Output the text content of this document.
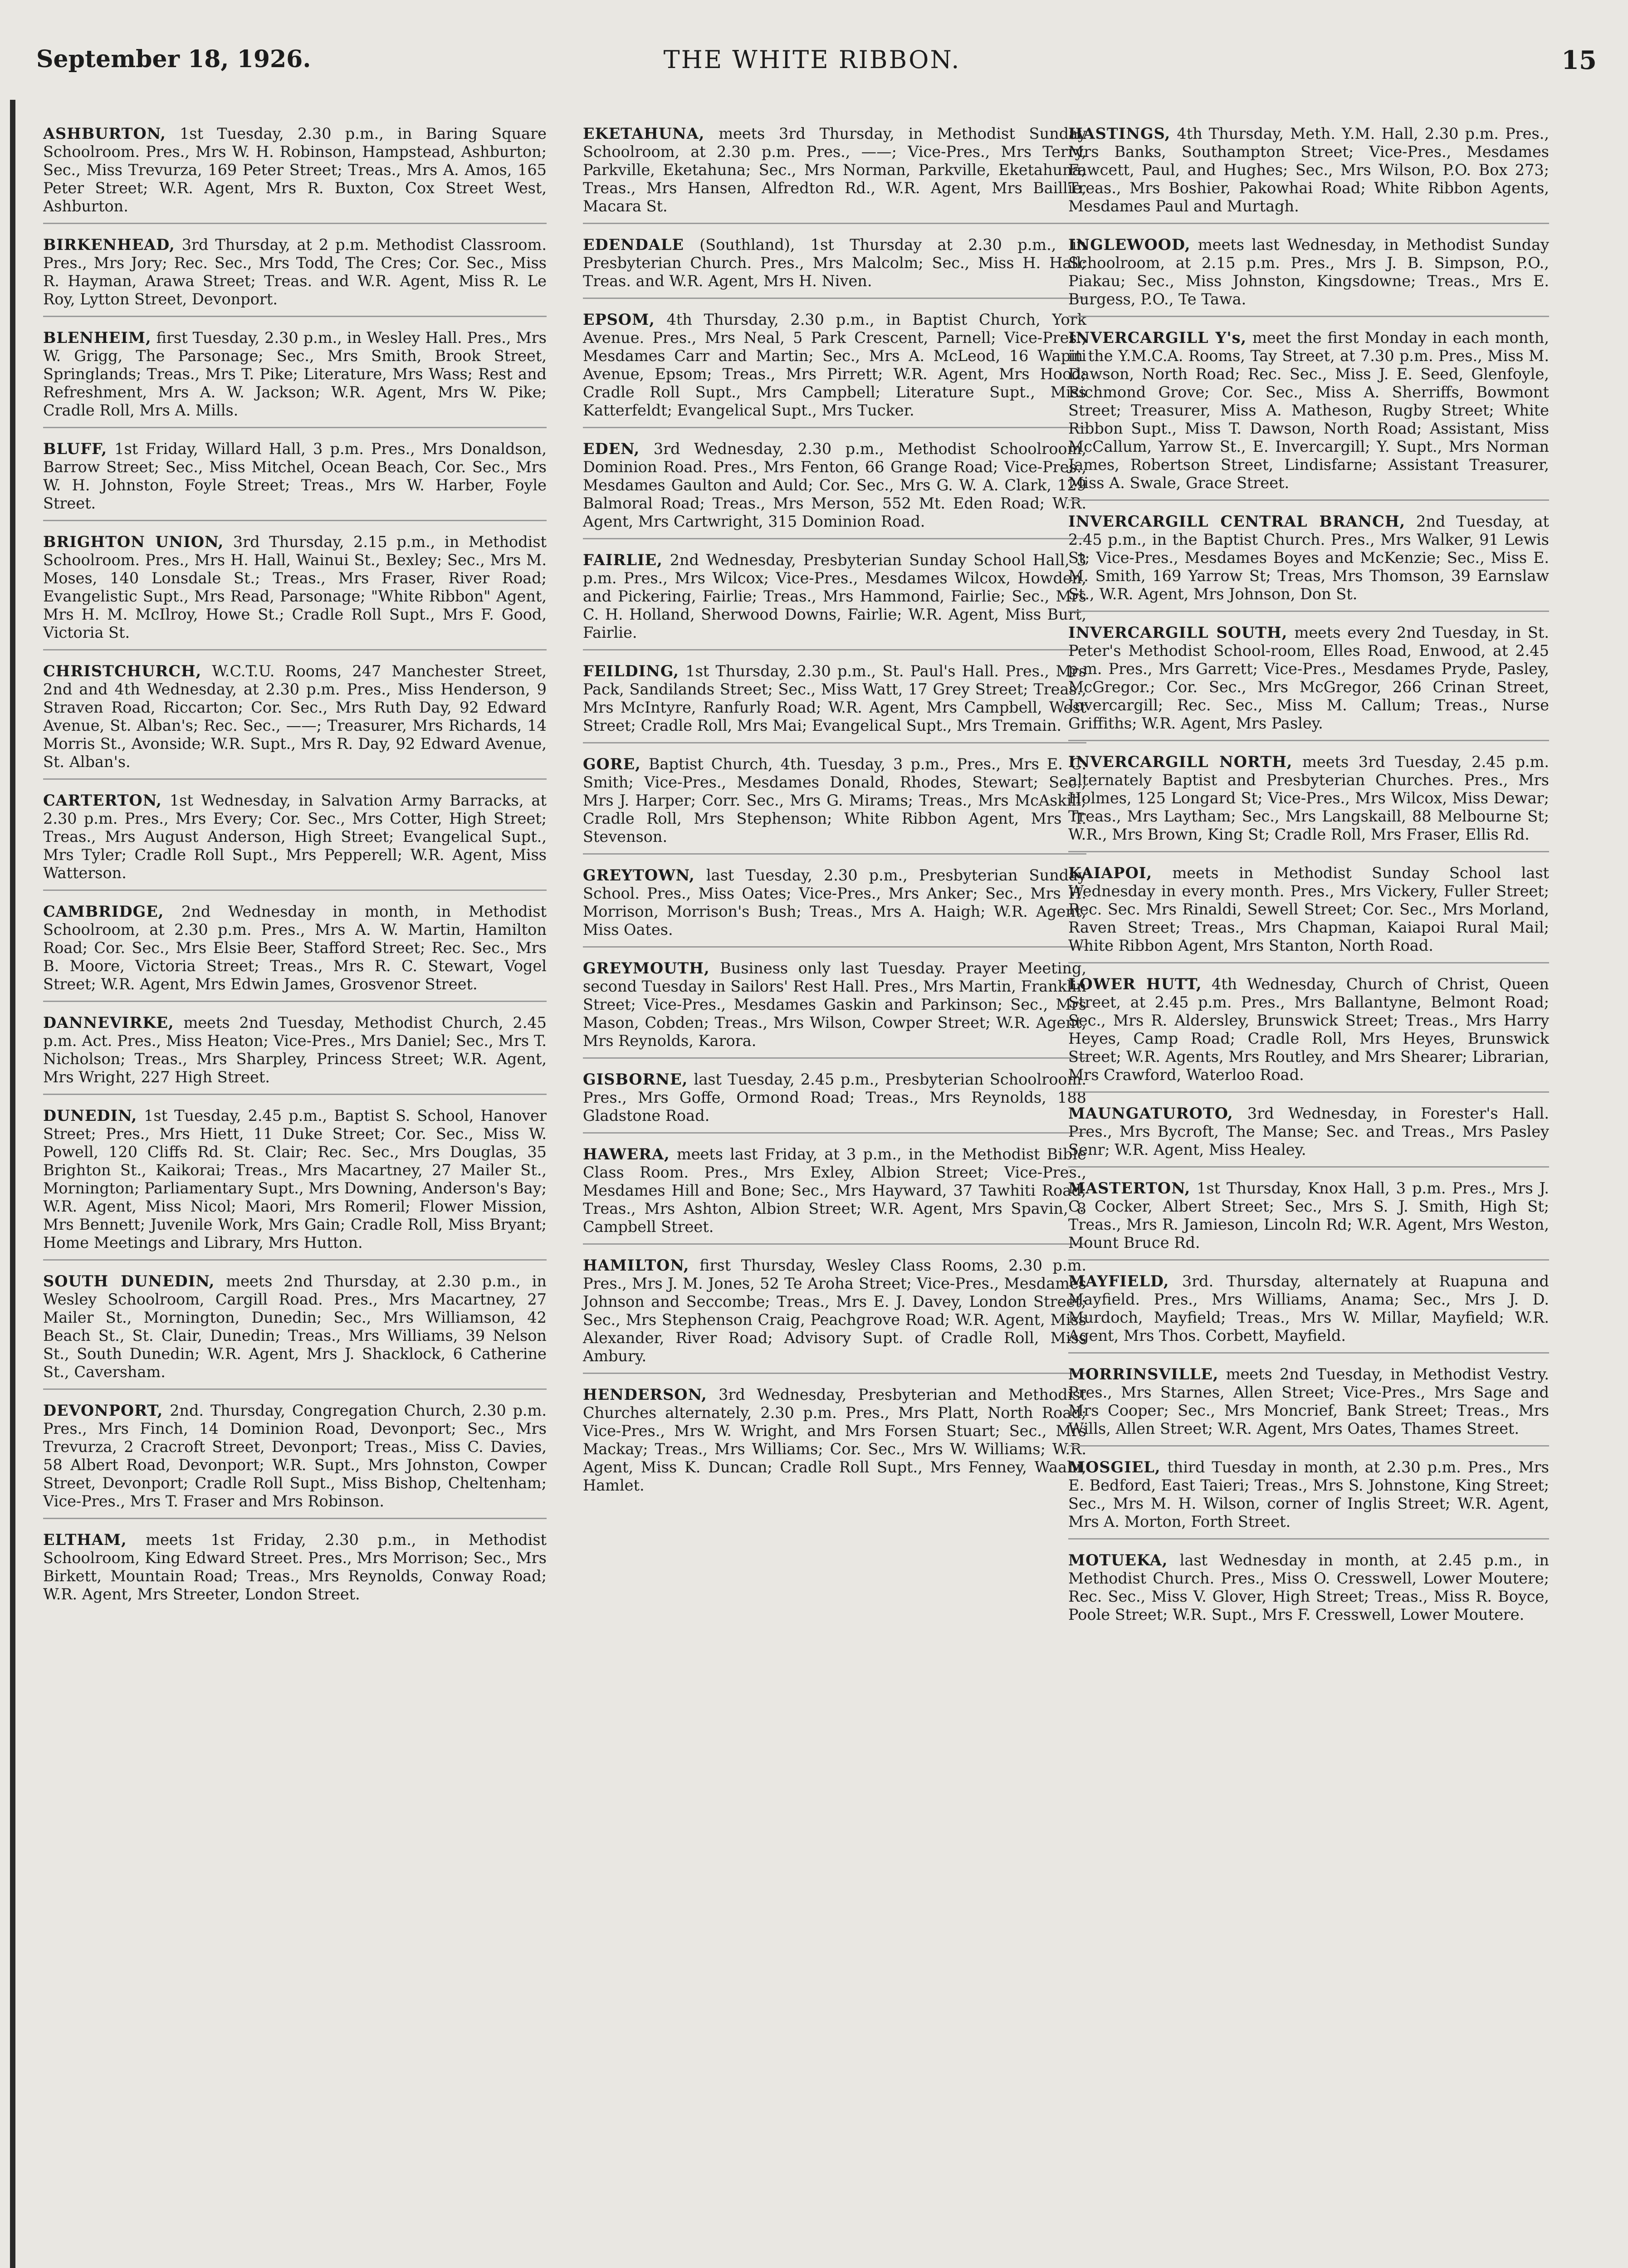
September 18, 1926.	THE WHITE RIBBON.	15

ASHBURTON, 1st Tuesday, 2.30 p.m., in Baring Square Schoolroom. Pres., Mrs W. H. Robinson, Hampstead, Ashburton; Sec., Miss Trevurza, 169 Peter Street; Treas., Mrs A. Amos, 165 Peter Street; W.R. Agent, Mrs R. Buxton, Cox Street West, Ashburton.

BIRKENHEAD, 3rd Thursday, at 2 p.m. Methodist Classroom. Pres., Mrs Jory; Rec. Sec., Mrs Todd, The Cres; Cor. Sec., Miss R. Hayman, Arawa Street; Treas. and W.R. Agent, Miss R. Le Roy, Lytton Street, Devonport.

BLENHEIM, first Tuesday, 2.30 p.m., in Wesley Hall. Pres., Mrs W. Grigg, The Parsonage; Sec., Mrs Smith, Brook Street, Springlands; Treas., Mrs T. Pike; Literature, Mrs Wass; Rest and Refreshment, Mrs A. W. Jackson; W.R. Agent, Mrs W. Pike; Cradle Roll, Mrs A. Mills.

BLUFF, 1st Friday, Willard Hall, 3 p.m. Pres., Mrs Donaldson, Barrow Street; Sec., Miss Mitchel, Ocean Beach, Cor. Sec., Mrs W. H. Johnston, Foyle Street; Treas., Mrs W. Harber, Foyle Street.

BRIGHTON UNION, 3rd Thursday, 2.15 p.m., in Methodist Schoolroom. Pres., Mrs H. Hall, Wainui St., Bexley; Sec., Mrs M. Moses, 140 Lonsdale St.; Treas., Mrs Fraser, River Road; Evangelistic Supt., Mrs Read, Parsonage; "White Ribbon" Agent, Mrs H. M. McIlroy, Howe St.; Cradle Roll Supt., Mrs F. Good, Victoria St.

CHRISTCHURCH, W.C.T.U. Rooms, 247 Manchester Street, 2nd and 4th Wednesday, at 2.30 p.m. Pres., Miss Henderson, 9 Straven Road, Riccarton; Cor. Sec., Mrs Ruth Day, 92 Edward Avenue, St. Alban's; Rec. Sec., ——; Treasurer, Mrs Richards, 14 Morris St., Avonside; W.R. Supt., Mrs R. Day, 92 Edward Avenue, St. Alban's.

CARTERTON, 1st Wednesday, in Salvation Army Barracks, at 2.30 p.m. Pres., Mrs Every; Cor. Sec., Mrs Cotter, High Street; Treas., Mrs August Anderson, High Street; Evangelical Supt., Mrs Tyler; Cradle Roll Supt., Mrs Pepperell; W.R. Agent, Miss Watterson.

CAMBRIDGE, 2nd Wednesday in month, in Methodist Schoolroom, at 2.30 p.m. Pres., Mrs A. W. Martin, Hamilton Road; Cor. Sec., Mrs Elsie Beer, Stafford Street; Rec. Sec., Mrs B. Moore, Victoria Street; Treas., Mrs R. C. Stewart, Vogel Street; W.R. Agent, Mrs Edwin James, Grosvenor Street.

DANNEVIRKE, meets 2nd Tuesday, Methodist Church, 2.45 p.m. Act. Pres., Miss Heaton; Vice-Pres., Mrs Daniel; Sec., Mrs T. Nicholson; Treas., Mrs Sharpley, Princess Street; W.R. Agent, Mrs Wright, 227 High Street.

DUNEDIN, 1st Tuesday, 2.45 p.m., Baptist S. School, Hanover Street; Pres., Mrs Hiett, 11 Duke Street; Cor. Sec., Miss W. Powell, 120 Cliffs Rd. St. Clair; Rec. Sec., Mrs Douglas, 35 Brighton St., Kaikorai; Treas., Mrs Macartney, 27 Mailer St., Mornington; Parliamentary Supt., Mrs Downing, Anderson's Bay; W.R. Agent, Miss Nicol; Maori, Mrs Romeril; Flower Mission, Mrs Bennett; Juvenile Work, Mrs Gain; Cradle Roll, Miss Bryant; Home Meetings and Library, Mrs Hutton.

SOUTH DUNEDIN, meets 2nd Thursday, at 2.30 p.m., in Wesley Schoolroom, Cargill Road. Pres., Mrs Macartney, 27 Mailer St., Mornington, Dunedin; Sec., Mrs Williamson, 42 Beach St., St. Clair, Dunedin; Treas., Mrs Williams, 39 Nelson St., South Dunedin; W.R. Agent, Mrs J. Shacklock, 6 Catherine St., Caversham.

DEVONPORT, 2nd. Thursday, Congregation Church, 2.30 p.m. Pres., Mrs Finch, 14 Dominion Road, Devonport; Sec., Mrs Trevurza, 2 Cracroft Street, Devonport; Treas., Miss C. Davies, 58 Albert Road, Devonport; W.R. Supt., Mrs Johnston, Cowper Street, Devonport; Cradle Roll Supt., Miss Bishop, Cheltenham; Vice-Pres., Mrs T. Fraser and Mrs Robinson.

ELTHAM, meets 1st Friday, 2.30 p.m., in Methodist Schoolroom, King Edward Street. Pres., Mrs Morrison; Sec., Mrs Birkett, Mountain Road; Treas., Mrs Reynolds, Conway Road; W.R. Agent, Mrs Streeter, London Street.

EKETAHUNA, meets 3rd Thursday, in Methodist Sunday Schoolroom, at 2.30 p.m. Pres., ——; Vice-Pres., Mrs Terry, Parkville, Eketahuna; Sec., Mrs Norman, Parkville, Eketahuna; Treas., Mrs Hansen, Alfredton Rd., W.R. Agent, Mrs Baillie, Macara St.

EDENDALE (Southland), 1st Thursday at 2.30 p.m., in Presbyterian Church. Pres., Mrs Malcolm; Sec., Miss H. Hall; Treas. and W.R. Agent, Mrs H. Niven.

EPSOM, 4th Thursday, 2.30 p.m., in Baptist Church, York Avenue. Pres., Mrs Neal, 5 Park Crescent, Parnell; Vice-Pres., Mesdames Carr and Martin; Sec., Mrs A. McLeod, 16 Wapiti Avenue, Epsom; Treas., Mrs Pirrett; W.R. Agent, Mrs Hood; Cradle Roll Supt., Mrs Campbell; Literature Supt., Miss Katterfeldt; Evangelical Supt., Mrs Tucker.

EDEN, 3rd Wednesday, 2.30 p.m., Methodist Schoolroom, Dominion Road. Pres., Mrs Fenton, 66 Grange Road; Vice-Pres., Mesdames Gaulton and Auld; Cor. Sec., Mrs G. W. A. Clark, 129 Balmoral Road; Treas., Mrs Merson, 552 Mt. Eden Road; W.R. Agent, Mrs Cartwright, 315 Dominion Road.

FAIRLIE, 2nd Wednesday, Presbyterian Sunday School Hall, 3 p.m. Pres., Mrs Wilcox; Vice-Pres., Mesdames Wilcox, Howden, and Pickering, Fairlie; Treas., Mrs Hammond, Fairlie; Sec., Mrs C. H. Holland, Sherwood Downs, Fairlie; W.R. Agent, Miss Burt, Fairlie.

FEILDING, 1st Thursday, 2.30 p.m., St. Paul's Hall. Pres., Mrs Pack, Sandilands Street; Sec., Miss Watt, 17 Grey Street; Treas., Mrs McIntyre, Ranfurly Road; W.R. Agent, Mrs Campbell, West Street; Cradle Roll, Mrs Mai; Evangelical Supt., Mrs Tremain.

GORE, Baptist Church, 4th. Tuesday, 3 p.m., Pres., Mrs E. C. Smith; Vice-Pres., Mesdames Donald, Rhodes, Stewart; Sec., Mrs J. Harper; Corr. Sec., Mrs G. Mirams; Treas., Mrs McAskill; Cradle Roll, Mrs Stephenson; White Ribbon Agent, Mrs T. Stevenson.

GREYTOWN, last Tuesday, 2.30 p.m., Presbyterian Sunday School. Pres., Miss Oates; Vice-Pres., Mrs Anker; Sec., Mrs H. Morrison, Morrison's Bush; Treas., Mrs A. Haigh; W.R. Agent, Miss Oates.

GREYMOUTH, Business only last Tuesday. Prayer Meeting, second Tuesday in Sailors' Rest Hall. Pres., Mrs Martin, Franklin Street; Vice-Pres., Mesdames Gaskin and Parkinson; Sec., Mrs Mason, Cobden; Treas., Mrs Wilson, Cowper Street; W.R. Agent, Mrs Reynolds, Karora.

GISBORNE, last Tuesday, 2.45 p.m., Presbyterian Schoolroom. Pres., Mrs Goffe, Ormond Road; Treas., Mrs Reynolds, 188 Gladstone Road.

HAWERA, meets last Friday, at 3 p.m., in the Methodist Bible Class Room. Pres., Mrs Exley, Albion Street; Vice-Pres., Mesdames Hill and Bone; Sec., Mrs Hayward, 37 Tawhiti Road; Treas., Mrs Ashton, Albion Street; W.R. Agent, Mrs Spavin, 8 Campbell Street.

HAMILTON, first Thursday, Wesley Class Rooms, 2.30 p.m. Pres., Mrs J. M. Jones, 52 Te Aroha Street; Vice-Pres., Mesdames Johnson and Seccombe; Treas., Mrs E. J. Davey, London Street; Sec., Mrs Stephenson Craig, Peachgrove Road; W.R. Agent, Miss Alexander, River Road; Advisory Supt. of Cradle Roll, Miss Ambury.

HENDERSON, 3rd Wednesday, Presbyterian and Methodist Churches alternately, 2.30 p.m. Pres., Mrs Platt, North Road; Vice-Pres., Mrs W. Wright, and Mrs Forsen Stuart; Sec., Mrs Mackay; Treas., Mrs Williams; Cor. Sec., Mrs W. Williams; W.R. Agent, Miss K. Duncan; Cradle Roll Supt., Mrs Fenney, Waahi, Hamlet.

HASTINGS, 4th Thursday, Meth. Y.M. Hall, 2.30 p.m. Pres., Mrs Banks, Southampton Street; Vice-Pres., Mesdames Fawcett, Paul, and Hughes; Sec., Mrs Wilson, P.O. Box 273; Treas., Mrs Boshier, Pakowhai Road; White Ribbon Agents, Mesdames Paul and Murtagh.

INGLEWOOD, meets last Wednesday, in Methodist Sunday Schoolroom, at 2.15 p.m. Pres., Mrs J. B. Simpson, P.O., Piakau; Sec., Miss Johnston, Kingsdowne; Treas., Mrs E. Burgess, P.O., Te Tawa.

INVERCARGILL Y's, meet the first Monday in each month, in the Y.M.C.A. Rooms, Tay Street, at 7.30 p.m. Pres., Miss M. Dawson, North Road; Rec. Sec., Miss J. E. Seed, Glenfoyle, Richmond Grove; Cor. Sec., Miss A. Sherriffs, Bowmont Street; Treasurer, Miss A. Matheson, Rugby Street; White Ribbon Supt., Miss T. Dawson, North Road; Assistant, Miss McCallum, Yarrow St., E. Invercargill; Y. Supt., Mrs Norman James, Robertson Street, Lindisfarne; Assistant Treasurer, Miss A. Swale, Grace Street.

INVERCARGILL CENTRAL BRANCH, 2nd Tuesday, at 2.45 p.m., in the Baptist Church. Pres., Mrs Walker, 91 Lewis St; Vice-Pres., Mesdames Boyes and McKenzie; Sec., Miss E. M. Smith, 169 Yarrow St; Treas, Mrs Thomson, 39 Earnslaw St., W.R. Agent, Mrs Johnson, Don St.

INVERCARGILL SOUTH, meets every 2nd Tuesday, in St. Peter's Methodist School-room, Elles Road, Enwood, at 2.45 p.m. Pres., Mrs Garrett; Vice-Pres., Mesdames Pryde, Pasley, McGregor.; Cor. Sec., Mrs McGregor, 266 Crinan Street, Invercargill; Rec. Sec., Miss M. Callum; Treas., Nurse Griffiths; W.R. Agent, Mrs Pasley.

INVERCARGILL NORTH, meets 3rd Tuesday, 2.45 p.m. alternately Baptist and Presbyterian Churches. Pres., Mrs Holmes, 125 Longard St; Vice-Pres., Mrs Wilcox, Miss Dewar; Treas., Mrs Laytham; Sec., Mrs Langskaill, 88 Melbourne St; W.R., Mrs Brown, King St; Cradle Roll, Mrs Fraser, Ellis Rd.

KAIAPOI, meets in Methodist Sunday School last Wednesday in every month. Pres., Mrs Vickery, Fuller Street; Rec. Sec. Mrs Rinaldi, Sewell Street; Cor. Sec., Mrs Morland, Raven Street; Treas., Mrs Chapman, Kaiapoi Rural Mail; White Ribbon Agent, Mrs Stanton, North Road.

LOWER HUTT, 4th Wednesday, Church of Christ, Queen Street, at 2.45 p.m. Pres., Mrs Ballantyne, Belmont Road; Sec., Mrs R. Aldersley, Brunswick Street; Treas., Mrs Harry Heyes, Camp Road; Cradle Roll, Mrs Heyes, Brunswick Street; W.R. Agents, Mrs Routley, and Mrs Shearer; Librarian, Mrs Crawford, Waterloo Road.

MAUNGATUROTO, 3rd Wednesday, in Forester's Hall. Pres., Mrs Bycroft, The Manse; Sec. and Treas., Mrs Pasley Senr; W.R. Agent, Miss Healey.

MASTERTON, 1st Thursday, Knox Hall, 3 p.m. Pres., Mrs J. C. Cocker, Albert Street; Sec., Mrs S. J. Smith, High St; Treas., Mrs R. Jamieson, Lincoln Rd; W.R. Agent, Mrs Weston, Mount Bruce Rd.

MAYFIELD, 3rd. Thursday, alternately at Ruapuna and Mayfield. Pres., Mrs Williams, Anama; Sec., Mrs J. D. Murdoch, Mayfield; Treas., Mrs W. Millar, Mayfield; W.R. Agent, Mrs Thos. Corbett, Mayfield.

MORRINSVILLE, meets 2nd Tuesday, in Methodist Vestry. Pres., Mrs Starnes, Allen Street; Vice-Pres., Mrs Sage and Mrs Cooper; Sec., Mrs Moncrief, Bank Street; Treas., Mrs Wills, Allen Street; W.R. Agent, Mrs Oates, Thames Street.

MOSGIEL, third Tuesday in month, at 2.30 p.m. Pres., Mrs E. Bedford, East Taieri; Treas., Mrs S. Johnstone, King Street; Sec., Mrs M. H. Wilson, corner of Inglis Street; W.R. Agent, Mrs A. Morton, Forth Street.

MOTUEKA, last Wednesday in month, at 2.45 p.m., in Methodist Church. Pres., Miss O. Cresswell, Lower Moutere; Rec. Sec., Miss V. Glover, High Street; Treas., Miss R. Boyce, Poole Street; W.R. Supt., Mrs F. Cresswell, Lower Moutere.
